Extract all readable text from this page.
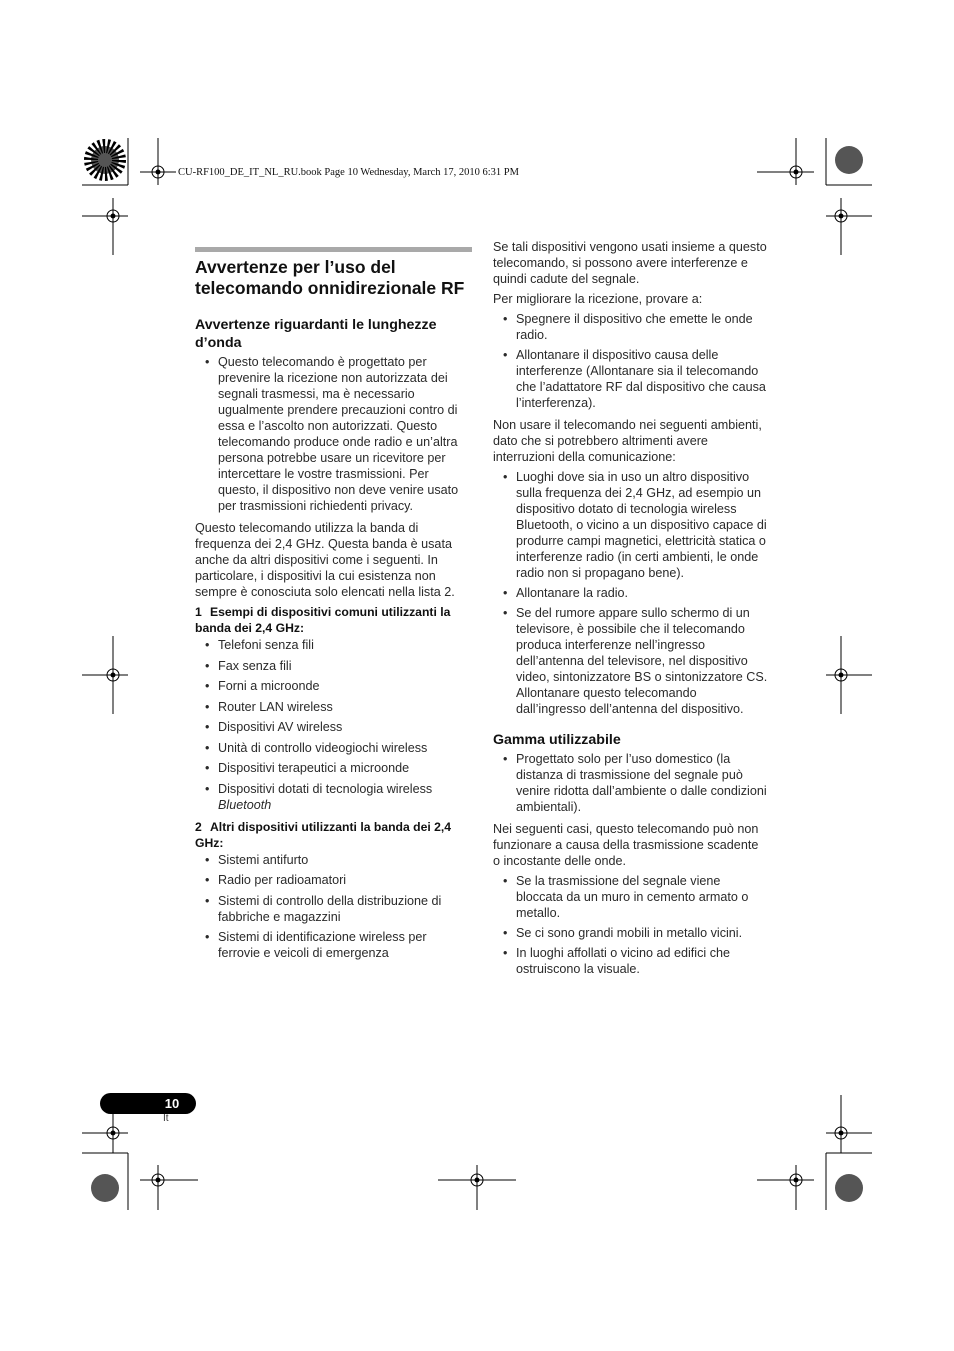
CU-RF100_DE_IT_NL_RU.book Page 10 Wednesday, March 17, 2010 6:31 PM
Avvertenze per l’uso del telecomando onnidirezionale RF
Avvertenze riguardanti le lunghezze d’onda
• Questo telecomando è progettato per prevenire la ricezione non autorizzata dei segnali trasmessi, ma è necessario ugualmente prendere precauzioni contro di essa e l’ascolto non autorizzati. Questo telecomando produce onde radio e un’altra persona potrebbe usare un ricevitore per intercettare le vostre trasmissioni. Per questo, il dispositivo non deve venire usato per trasmissioni richiedenti privacy.

Questo telecomando utilizza la banda di frequenza dei 2,4 GHz. Questa banda è usata anche da altri dispositivi come i seguenti. In particolare, i dispositivi la cui esistenza non sempre è conosciuta solo elencati nella lista 2.

1 Esempi di dispositivi comuni utilizzanti la banda dei 2,4 GHz:
• Telefoni senza fili
• Fax senza fili
• Forni a microonde
• Router LAN wireless
• Dispositivi AV wireless
• Unità di controllo videogiochi wireless
• Dispositivi terapeutici a microonde
• Dispositivi dotati di tecnologia wireless Bluetooth
2 Altri dispositivi utilizzanti la banda dei 2,4 GHz:
• Sistemi antifurto
• Radio per radioamatori
• Sistemi di controllo della distribuzione di fabbriche e magazzini
• Sistemi di identificazione wireless per ferrovie e veicoli di emergenza

Se tali dispositivi vengono usati insieme a questo telecomando, si possono avere interferenze e quindi cadute del segnale.

Per migliorare la ricezione, provare a:

• Spegnere il dispositivo che emette le onde radio.
• Allontanare il dispositivo causa delle interferenze (Allontanare sia il telecomando che l’adattatore RF dal dispositivo che causa l’interferenza).

Non usare il telecomando nei seguenti ambienti, dato che si potrebbero altrimenti avere interruzioni della comunicazione:

• Luoghi dove sia in uso un altro dispositivo sulla frequenza dei 2,4 GHz, ad esempio un dispositivo dotato di tecnologia wireless Bluetooth, o vicino a un dispositivo capace di produrre campi magnetici, elettricità statica o interferenze radio (in certi ambienti, le onde radio non si propagano bene).
• Allontanare la radio.
• Se del rumore appare sullo schermo di un televisore, è possibile che il telecomando produca interferenze nell’ingresso dell’antenna del televisore, nel dispositivo video, sintonizzatore BS o sintonizzatore CS. Allontanare questo telecomando dall’ingresso dell’antenna del dispositivo.
Gamma utilizzabile
• Progettato solo per l’uso domestico (la distanza di trasmissione del segnale può venire ridotta dall’ambiente o dalle condizioni ambientali).

Nei seguenti casi, questo telecomando può non funzionare a causa della trasmissione scadente o incostante delle onde.

• Se la trasmissione del segnale viene bloccata da un muro in cemento armato o metallo.
• Se ci sono grandi mobili in metallo vicini.
• In luoghi affollati o vicino ad edifici che ostruiscono la visuale.
10
It
